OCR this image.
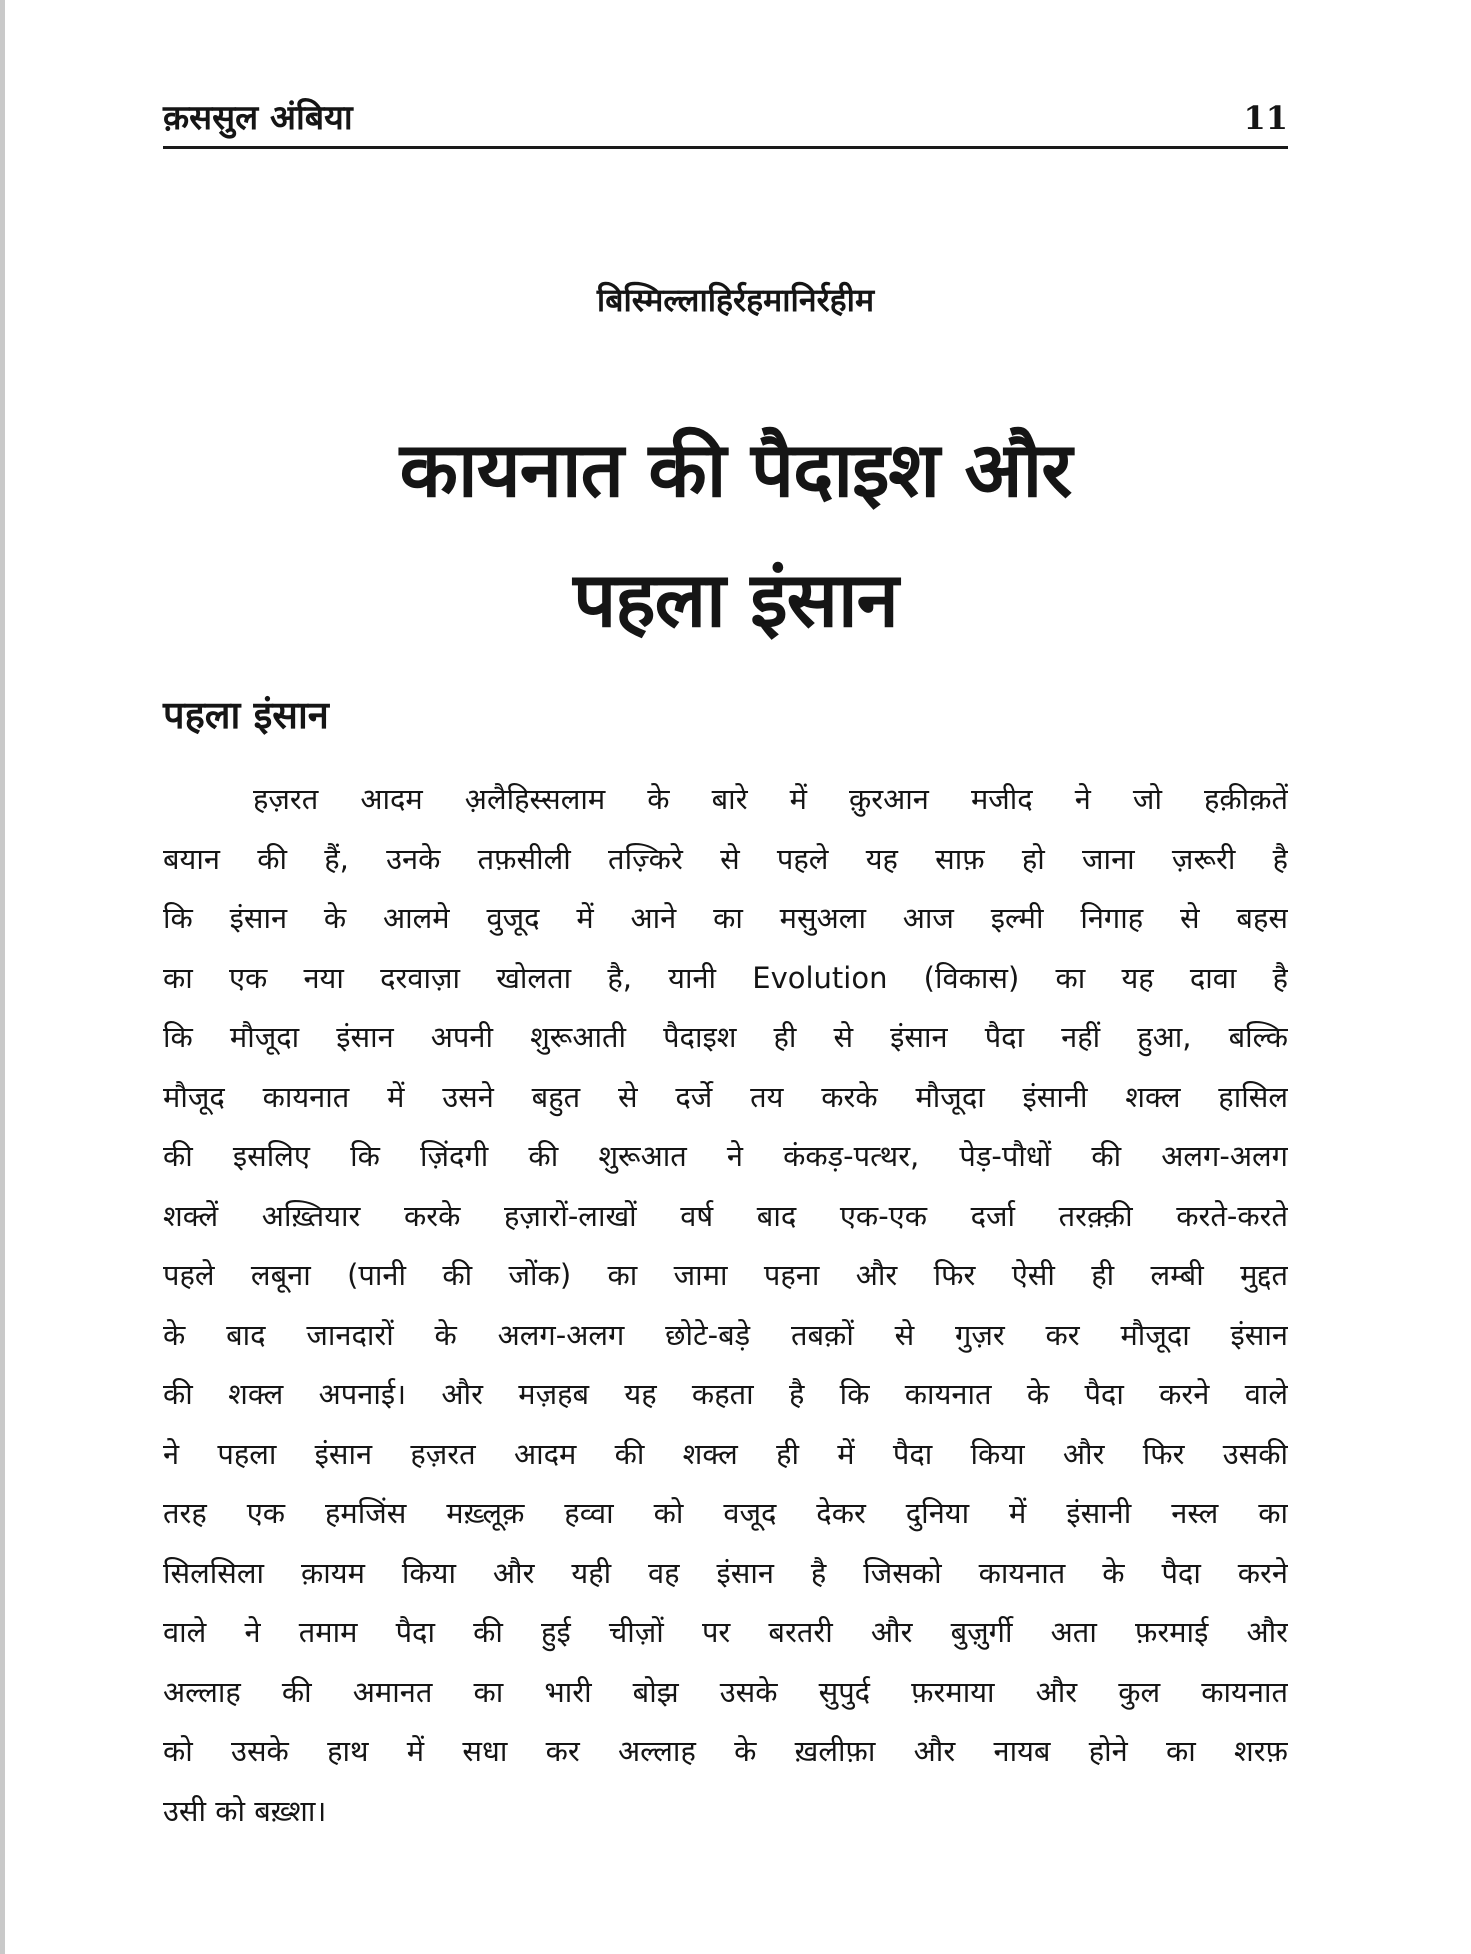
क़ससुल अंबिया	11
बिस्मिल्लाहिर्रहमानिर्रहीम
कायनात की पैदाइश और
पहला इंसान
पहला इंसान
हज़रत आदम अ़लैहिस्सलाम के बारे में क़ुरआन मजीद ने जो हक़ीक़तें
बयान की हैं, उनके तफ़सीली तज़्किरे से पहले यह साफ़ हो जाना ज़रूरी है
कि इंसान के आलमे वुजूद में आने का मसुअला आज इल्मी निगाह से बहस
का एक नया दरवाज़ा खोलता है, यानी Evolution (विकास) का यह दावा है
कि मौजूदा इंसान अपनी शुरूआती पैदाइश ही से इंसान पैदा नहीं हुआ, बल्कि
मौजूद कायनात में उसने बहुत से दर्जे तय करके मौजूदा इंसानी शक्ल हासिल
की इसलिए कि ज़िंदगी की शुरूआत ने कंकड़-पत्थर, पेड़-पौधों की अलग-अलग
शक्लें अख़्तियार करके हज़ारों-लाखों वर्ष बाद एक-एक दर्जा तरक़्क़ी करते-करते
पहले लबूना (पानी की जोंक) का जामा पहना और फिर ऐसी ही लम्बी मुद्दत
के बाद जानदारों के अलग-अलग छोटे-बड़े तबक़ों से गुज़र कर मौजूदा इंसान
की शक्ल अपनाई। और मज़हब यह कहता है कि कायनात के पैदा करने वाले
ने पहला इंसान हज़रत आदम की शक्ल ही में पैदा किया और फिर उसकी
तरह एक हमजिंस मख़्लूक़ हव्वा को वजूद देकर दुनिया में इंसानी नस्ल का
सिलसिला क़ायम किया और यही वह इंसान है जिसको कायनात के पैदा करने
वाले ने तमाम पैदा की हुई चीज़ों पर बरतरी और बुज़ुर्गी अता फ़रमाई और
अल्लाह की अमानत का भारी बोझ उसके सुपुर्द फ़रमाया और कुल कायनात
को उसके हाथ में सधा कर अल्लाह के ख़लीफ़ा और नायब होने का शरफ़
उसी को बख़्शा।
